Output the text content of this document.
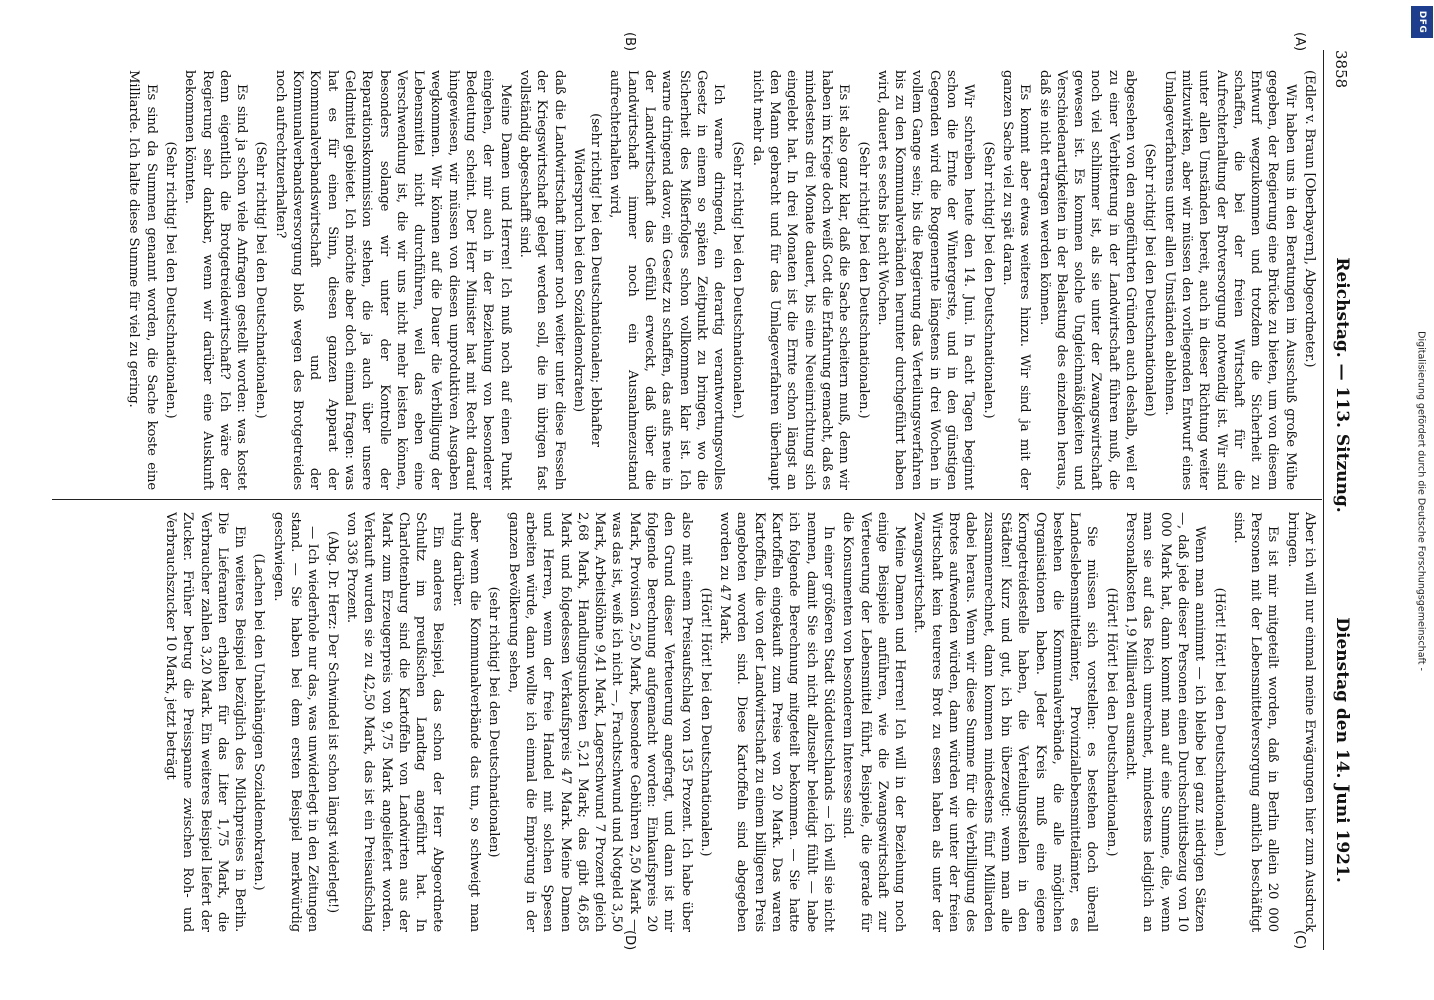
3858
Reichstag. — 113. Sitzung.
Dienstag den 14. Juni 1921.
(A)
(B)
(C)
(D)

(Edler v. Braun [Oberbayern], Abgeordneter.)

Wir haben uns in den Beratungen im Ausschuß große Mühe gegeben, der Regierung eine Brücke zu bieten, um von diesem Entwurf wegzukommen und trotzdem die Sicherheit zu schaffen, die bei der freien Wirtschaft für die Aufrechterhaltung der Brotversorgung notwendig ist. Wir sind unter allen Umständen bereit, auch in dieser Richtung weiter mitzuwirken, aber wir müssen den vorliegenden Entwurf eines Umlageverfahrens unter allen Umständen ablehnen.

(Sehr richtig! bei den Deutschnationalen)

abgesehen von den angeführten Gründen auch deshalb, weil er zu einer Verbitterung in der Landwirtschaft führen muß, die noch viel schlimmer ist, als sie unter der Zwangswirtschaft gewesen ist. Es kommen solche Ungleichmäßigkeiten und Verschiedenartigkeiten in der Belastung des einzelnen heraus, daß sie nicht ertragen werden können.

Es kommt aber etwas weiteres hinzu. Wir sind ja mit der ganzen Sache viel zu spät daran.

(Sehr richtig! bei den Deutschnationalen.)

Wir schreiben heute den 14. Juni. In acht Tagen beginnt schon die Ernte der Wintergerste, und in den günstigen Gegenden wird die Roggenernte längstens in drei Wochen in vollem Gange sein; bis die Regierung das Verteilungsverfahren bis zu den Kommunalverbänden herunter durchgeführt haben wird, dauert es sechs bis acht Wochen.

(Sehr richtig! bei den Deutschnationalen.)

Es ist also ganz klar, daß die Sache scheitern muß, denn wir haben im Kriege doch weiß Gott die Erfahrung gemacht, daß es mindestens drei Monate dauert, bis eine Neueinrichtung sich eingelebt hat. In drei Monaten ist die Ernte schon längst an den Mann gebracht und für das Umlageverfahren überhaupt nicht mehr da.

(Sehr richtig! bei den Deutschnationalen.)

Ich warne dringend, ein derartig verantwortungsvolles Gesetz in einem so späten Zeitpunkt zu bringen, wo die Sicherheit des Mißerfolges schon vollkommen klar ist. Ich warne dringend davor, ein Gesetz zu schaffen, das aufs neue in der Landwirtschaft das Gefühl erweckt, daß über die Landwirtschaft immer noch ein Ausnahmezustand aufrechterhalten wird,

(sehr richtig! bei den Deutschnationalen; lebhafter Widerspruch bei den Sozialdemokraten)

daß die Landwirtschaft immer noch weiter unter diese Fesseln der Kriegswirtschaft gelegt werden soll, die im übrigen fast vollständig abgeschafft sind.

Meine Damen und Herren! Ich muß noch auf einen Punkt eingehen, der mir auch in der Beziehung von besonderer Bedeutung scheint. Der Herr Minister hat mit Recht darauf hingewiesen, wir müssen von diesen unproduktiven Ausgaben wegkommen. Wir können auf die Dauer die Verbilligung der Lebensmittel nicht durchführen, weil das eben eine Verschwendung ist, die wir uns nicht mehr leisten können, besonders solange wir unter der Kontrolle der Reparationskommission stehen, die ja auch über unsere Geldmittel gebietet. Ich möchte aber doch einmal fragen: was hat es für einen Sinn, diesen ganzen Apparat der Kommunalverbandswirtschaft und der Kommunalverbandsversorgung bloß wegen des Brotgetreides noch aufrechtzuerhalten?

(Sehr richtig! bei den Deutschnationalen.)

Es sind ja schon viele Anfragen gestellt worden: was kostet denn eigentlich die Brotgetreidewirtschaft? Ich wäre der Regierung sehr dankbar, wenn wir darüber eine Auskunft bekommen könnten.

(Sehr richtig! bei den Deutschnationalen.)

Es sind da Summen genannt worden, die Sache koste eine Milliarde. Ich halte diese Summe für viel zu gering.

Aber ich will nur einmal meine Erwägungen hier zum Ausdruck bringen.

Es ist mir mitgeteilt worden, daß in Berlin allein 20 000 Personen mit der Lebensmittelversorgung amtlich beschäftigt sind.

(Hört! Hört! bei den Deutschnationalen.)

Wenn man annimmt — ich bleibe bei ganz niedrigen Sätzen —, daß jede dieser Personen einen Durchschnittsbezug von 10 000 Mark hat, dann kommt man auf eine Summe, die, wenn man sie auf das Reich umrechnet, mindestens lediglich an Personalkosten 1,9 Milliarden ausmacht.

(Hört! Hört! bei den Deutschnationalen.)

Sie müssen sich vorstellen: es bestehen doch überall Landeslebensmittelämter, Provinziallebensmittelämter, es bestehen die Kommunalverbände, die alle möglichen Organisationen haben. Jeder Kreis muß eine eigene Korngetreidestelle haben, die Verteilungsstellen in den Städten! Kurz und gut, ich bin überzeugt: wenn man alle zusammenrechnet, dann kommen mindestens fünf Milliarden dabei heraus. Wenn wir diese Summe für die Verbilligung des Brotes aufwenden würden, dann würden wir unter der freien Wirtschaft kein teureres Brot zu essen haben als unter der Zwangswirtschaft.

Meine Damen und Herren! Ich will in der Beziehung noch einige Beispiele anführen, wie die Zwangswirtschaft zur Verteuerung der Lebensmittel führt, Beispiele, die gerade für die Konsumenten von besonderem Interesse sind.

In einer größeren Stadt Süddeutschlands — ich will sie nicht nennen, damit Sie sich nicht allzusehr beleidigt fühlt — habe ich folgende Berechnung mitgeteilt bekommen. — Sie hatte Kartoffeln eingekauft zum Preise von 20 Mark. Das waren Kartoffeln, die von der Landwirtschaft zu einem billigeren Preis angeboten worden sind. Diese Kartoffeln sind abgegeben worden zu 47 Mark.

(Hört! Hört! bei den Deutschnationalen.)

also mit einem Preisaufschlag von 135 Prozent. Ich habe über den Grund dieser Verteuerung angefragt, und dann ist mir folgende Berechnung aufgemacht worden: Einkaufspreis 20 Mark, Provision 2,50 Mark, besondere Gebühren 2,50 Mark — was das ist, weiß ich nicht —, Frachtschwund und Notgeld 3,50 Mark, Arbeitslöhne 9,41 Mark, Lagerschwund 7 Prozent gleich 2,68 Mark, Handlungsunkosten 5,21 Mark; das gibt 46,85 Mark und folgedessen Verkaufspreis 47 Mark. Meine Damen und Herren, wenn der freie Handel mit solchen Spesen arbeiten würde, dann wollte ich einmal die Empörung in der ganzen Bevölkerung sehen,

(sehr richtig! bei den Deutschnationalen)

aber wenn die Kommunalverbände das tun, so schweigt man ruhig darüber.

Ein anderes Beispiel, das schon der Herr Abgeordnete Schultz im preußischen Landtag angeführt hat. In Charlottenburg sind die Kartoffeln von Landwirten aus der Mark zum Erzeugerpreis von 9,75 Mark angeliefert worden. Verkauft wurden sie zu 42,50 Mark, das ist ein Preisaufschlag von 336 Prozent.

(Abg. Dr. Herz: Der Schwindel ist schon längst widerlegt!)

— Ich wiederhole nur das, was unwiderlegt in den Zeitungen stand. — Sie haben bei dem ersten Beispiel merkwürdig geschwiegen.

(Lachen bei den Unabhängigen Sozialdemokraten.)

Ein weiteres Beispiel bezüglich des Milchpreises in Berlin. Die Lieferanten erhalten für das Liter 1,75 Mark, die Verbraucher zahlen 3,20 Mark. Ein weiteres Beispiel liefert der Zucker. Früher betrug die Preisspanne zwischen Roh- und Verbrauchszucker 10 Mark, jetzt beträgt	Digitalisierung gefördert durch die Deutsche Forschungsgemeinschaft -
DFG
